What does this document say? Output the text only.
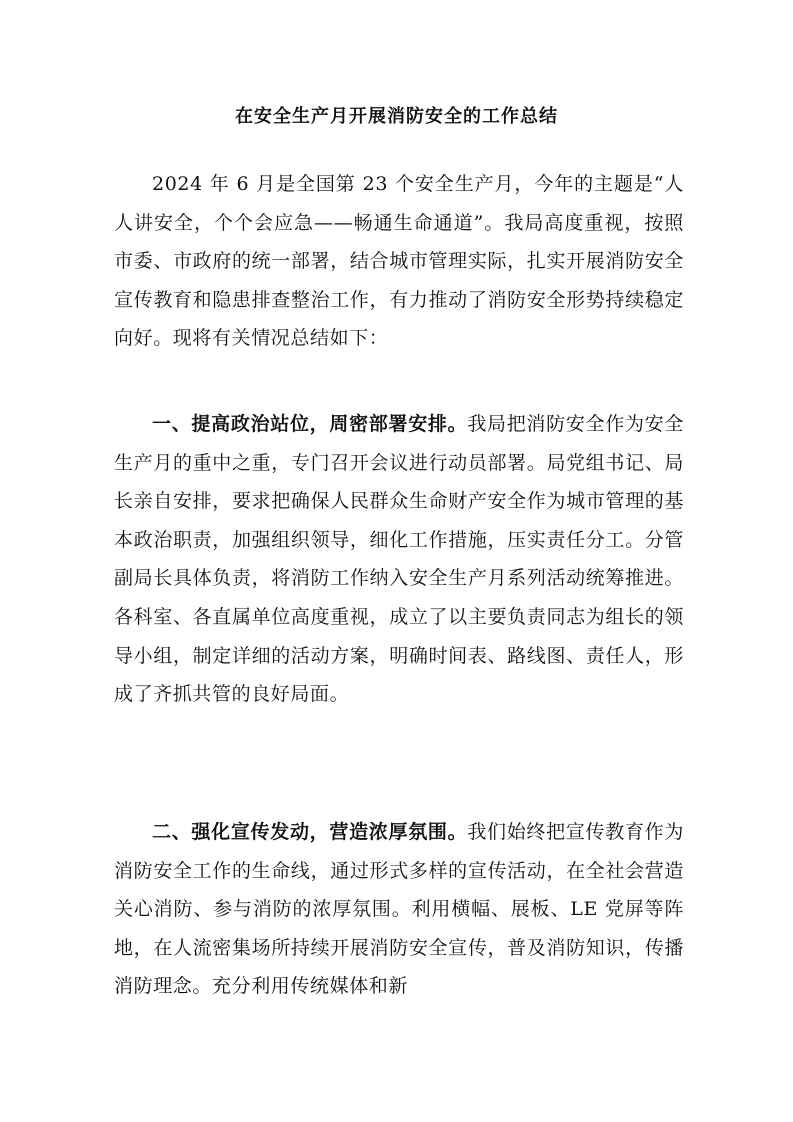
在安全生产月开展消防安全的工作总结

2024 年 6 月是全国第 23 个安全生产月，今年的主题是“人人讲安全，个个会应急——畅通生命通道”。我局高度重视，按照市委、市政府的统一部署，结合城市管理实际，扎实开展消防安全宣传教育和隐患排查整治工作，有力推动了消防安全形势持续稳定向好。现将有关情况总结如下：

一、提高政治站位，周密部署安排。我局把消防安全作为安全生产月的重中之重，专门召开会议进行动员部署。局党组书记、局长亲自安排，要求把确保人民群众生命财产安全作为城市管理的基本政治职责，加强组织领导，细化工作措施，压实责任分工。分管副局长具体负责，将消防工作纳入安全生产月系列活动统筹推进。各科室、各直属单位高度重视，成立了以主要负责同志为组长的领导小组，制定详细的活动方案，明确时间表、路线图、责任人，形成了齐抓共管的良好局面。

二、强化宣传发动，营造浓厚氛围。我们始终把宣传教育作为消防安全工作的生命线，通过形式多样的宣传活动，在全社会营造关心消防、参与消防的浓厚氛围。利用横幅、展板、LE 党屏等阵地，在人流密集场所持续开展消防安全宣传，普及消防知识，传播消防理念。充分利用传统媒体和新
